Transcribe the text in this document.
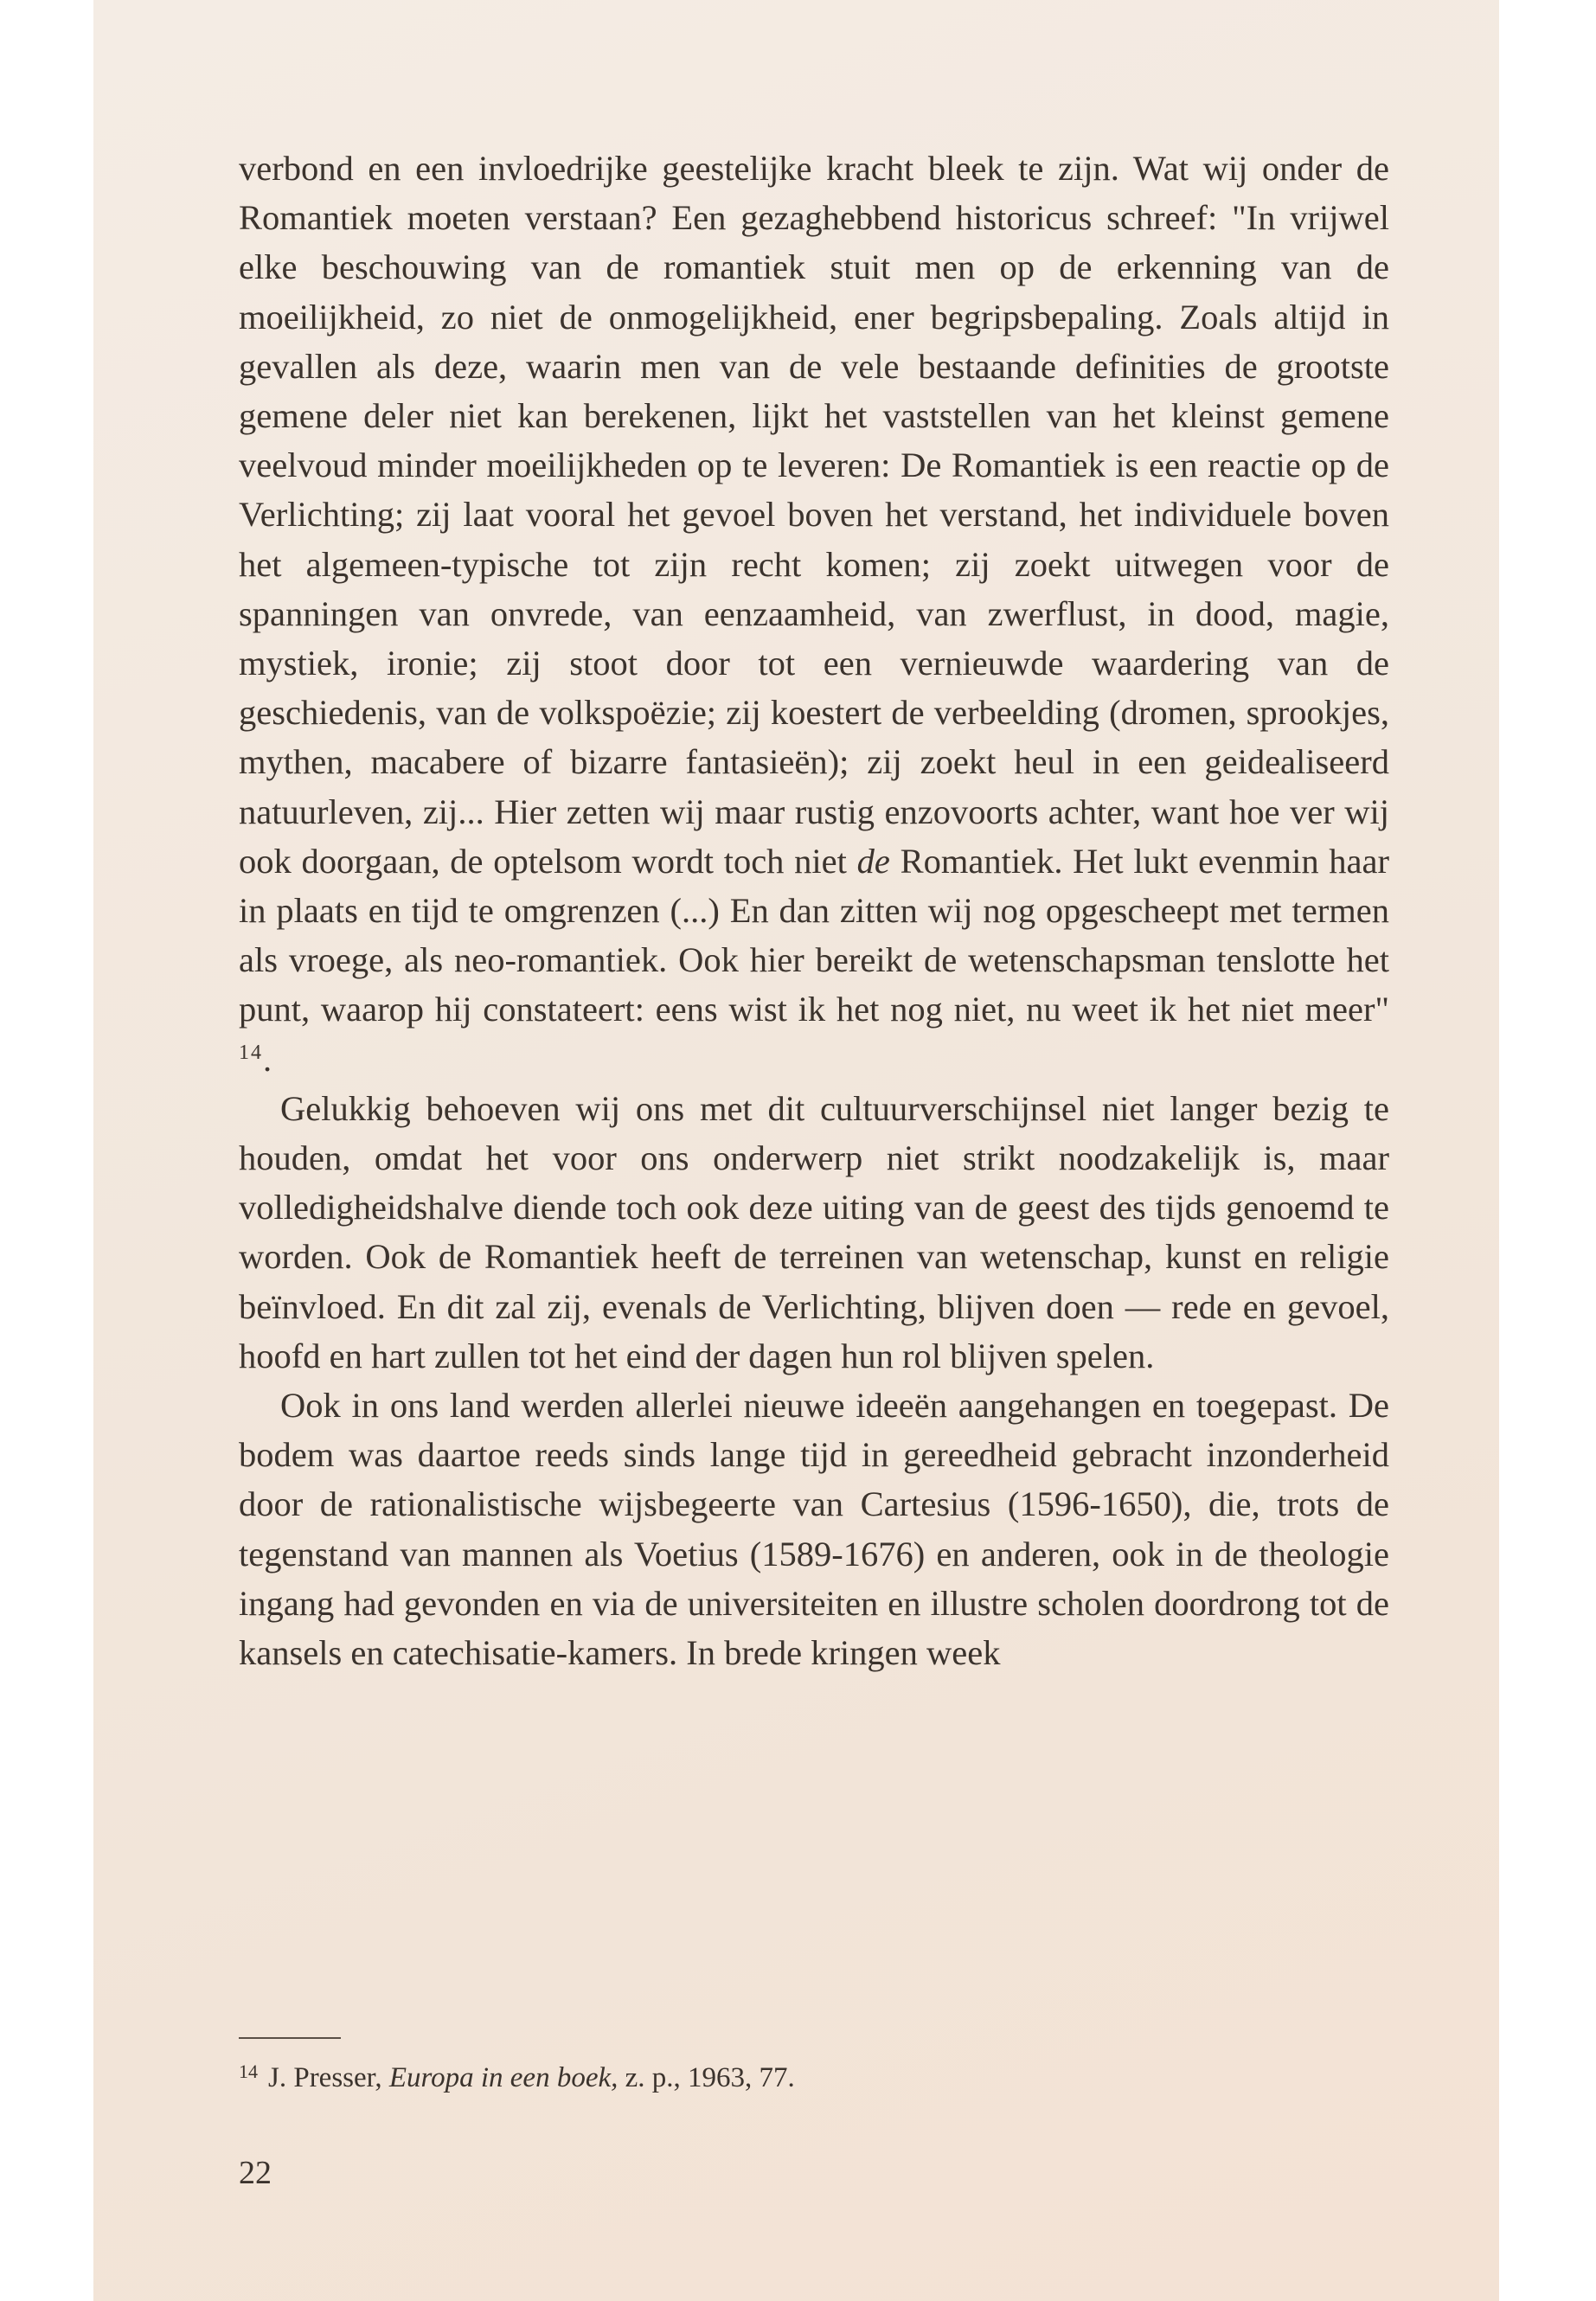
verbond en een invloedrijke geestelijke kracht bleek te zijn. Wat wij onder de Romantiek moeten verstaan? Een gezaghebbend historicus schreef: "In vrijwel elke beschouwing van de romantiek stuit men op de erkenning van de moeilijkheid, zo niet de onmogelijkheid, ener begripsbepaling. Zoals altijd in gevallen als deze, waarin men van de vele bestaande definities de grootste gemene deler niet kan berekenen, lijkt het vaststellen van het kleinst gemene veelvoud minder moeilijkheden op te leveren: De Romantiek is een reactie op de Verlichting; zij laat vooral het gevoel boven het verstand, het individuele boven het algemeen-typische tot zijn recht komen; zij zoekt uitwegen voor de spanningen van onvrede, van eenzaamheid, van zwerflust, in dood, magie, mystiek, ironie; zij stoot door tot een vernieuwde waardering van de geschiedenis, van de volkspoëzie; zij koestert de verbeelding (dromen, sprookjes, mythen, macabere of bizarre fantasieën); zij zoekt heul in een geidealiseerd natuurleven, zij... Hier zetten wij maar rustig enzovoorts achter, want hoe ver wij ook doorgaan, de optelsom wordt toch niet de Romantiek. Het lukt evenmin haar in plaats en tijd te omgrenzen (...) En dan zitten wij nog opgescheept met termen als vroege, als neo-romantiek. Ook hier bereikt de wetenschapsman tenslotte het punt, waarop hij constateert: eens wist ik het nog niet, nu weet ik het niet meer" $^{14}$.

Gelukkig behoeven wij ons met dit cultuurverschijnsel niet langer bezig te houden, omdat het voor ons onderwerp niet strikt noodzakelijk is, maar volledigheidshalve diende toch ook deze uiting van de geest des tijds genoemd te worden. Ook de Romantiek heeft de terreinen van wetenschap, kunst en religie beïnvloed. En dit zal zij, evenals de Verlichting, blijven doen — rede en gevoel, hoofd en hart zullen tot het eind der dagen hun rol blijven spelen.

Ook in ons land werden allerlei nieuwe ideeën aangehangen en toegepast. De bodem was daartoe reeds sinds lange tijd in gereedheid gebracht inzonderheid door de rationalistische wijsbegeerte van Cartesius (1596-1650), die, trots de tegenstand van mannen als Voetius (1589-1676) en anderen, ook in de theologie ingang had gevonden en via de universiteiten en illustre scholen doordrong tot de kansels en catechisatie-kamers. In brede kringen week

$^{14}$ J. Presser, Europa in een boek, z. p., 1963, 77.
22
